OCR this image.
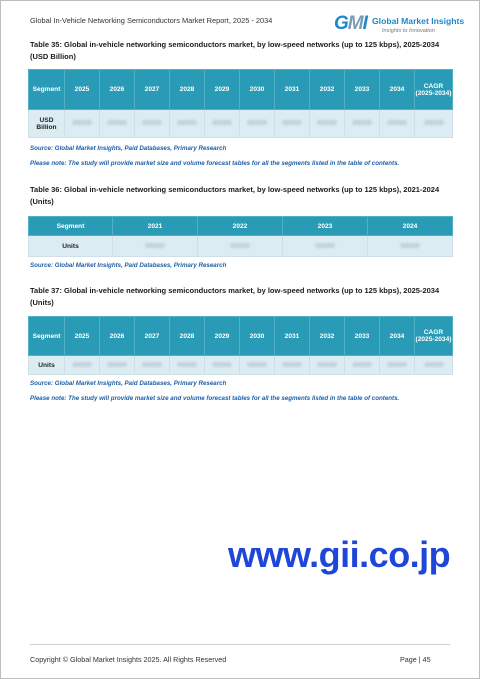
Global In-Vehicle Networking Semiconductors Market Report, 2025 - 2034	GMI Global Market Insights
Insights to Innovation
Table 35: Global in-vehicle networking semiconductors market, by low-speed networks (up to 125 kbps), 2025-2034 (USD Billion)
Segment	2025	2026	2027	2028	2029	2030	2031	2032	2033	2034	CAGR (2025-2034)
USD Billion											
Source: Global Market Insights, Paid Databases, Primary Research
Please note: The study will provide market size and volume forecast tables for all the segments listed in the table of contents.
Table 36: Global in-vehicle networking semiconductors market, by low-speed networks (up to 125 kbps), 2021-2024 (Units)
Segment	2021	2022	2023	2024
Units				
Source: Global Market Insights, Paid Databases, Primary Research
Table 37: Global in-vehicle networking semiconductors market, by low-speed networks (up to 125 kbps), 2025-2034 (Units)
Segment	2025	2026	2027	2028	2029	2030	2031	2032	2033	2034	CAGR (2025-2034)
Units											
Source: Global Market Insights, Paid Databases, Primary Research
Please note: The study will provide market size and volume forecast tables for all the segments listed in the table of contents.
www.gii.co.jp
Copyright © Global Market Insights 2025. All Rights Reserved	Page | 45
